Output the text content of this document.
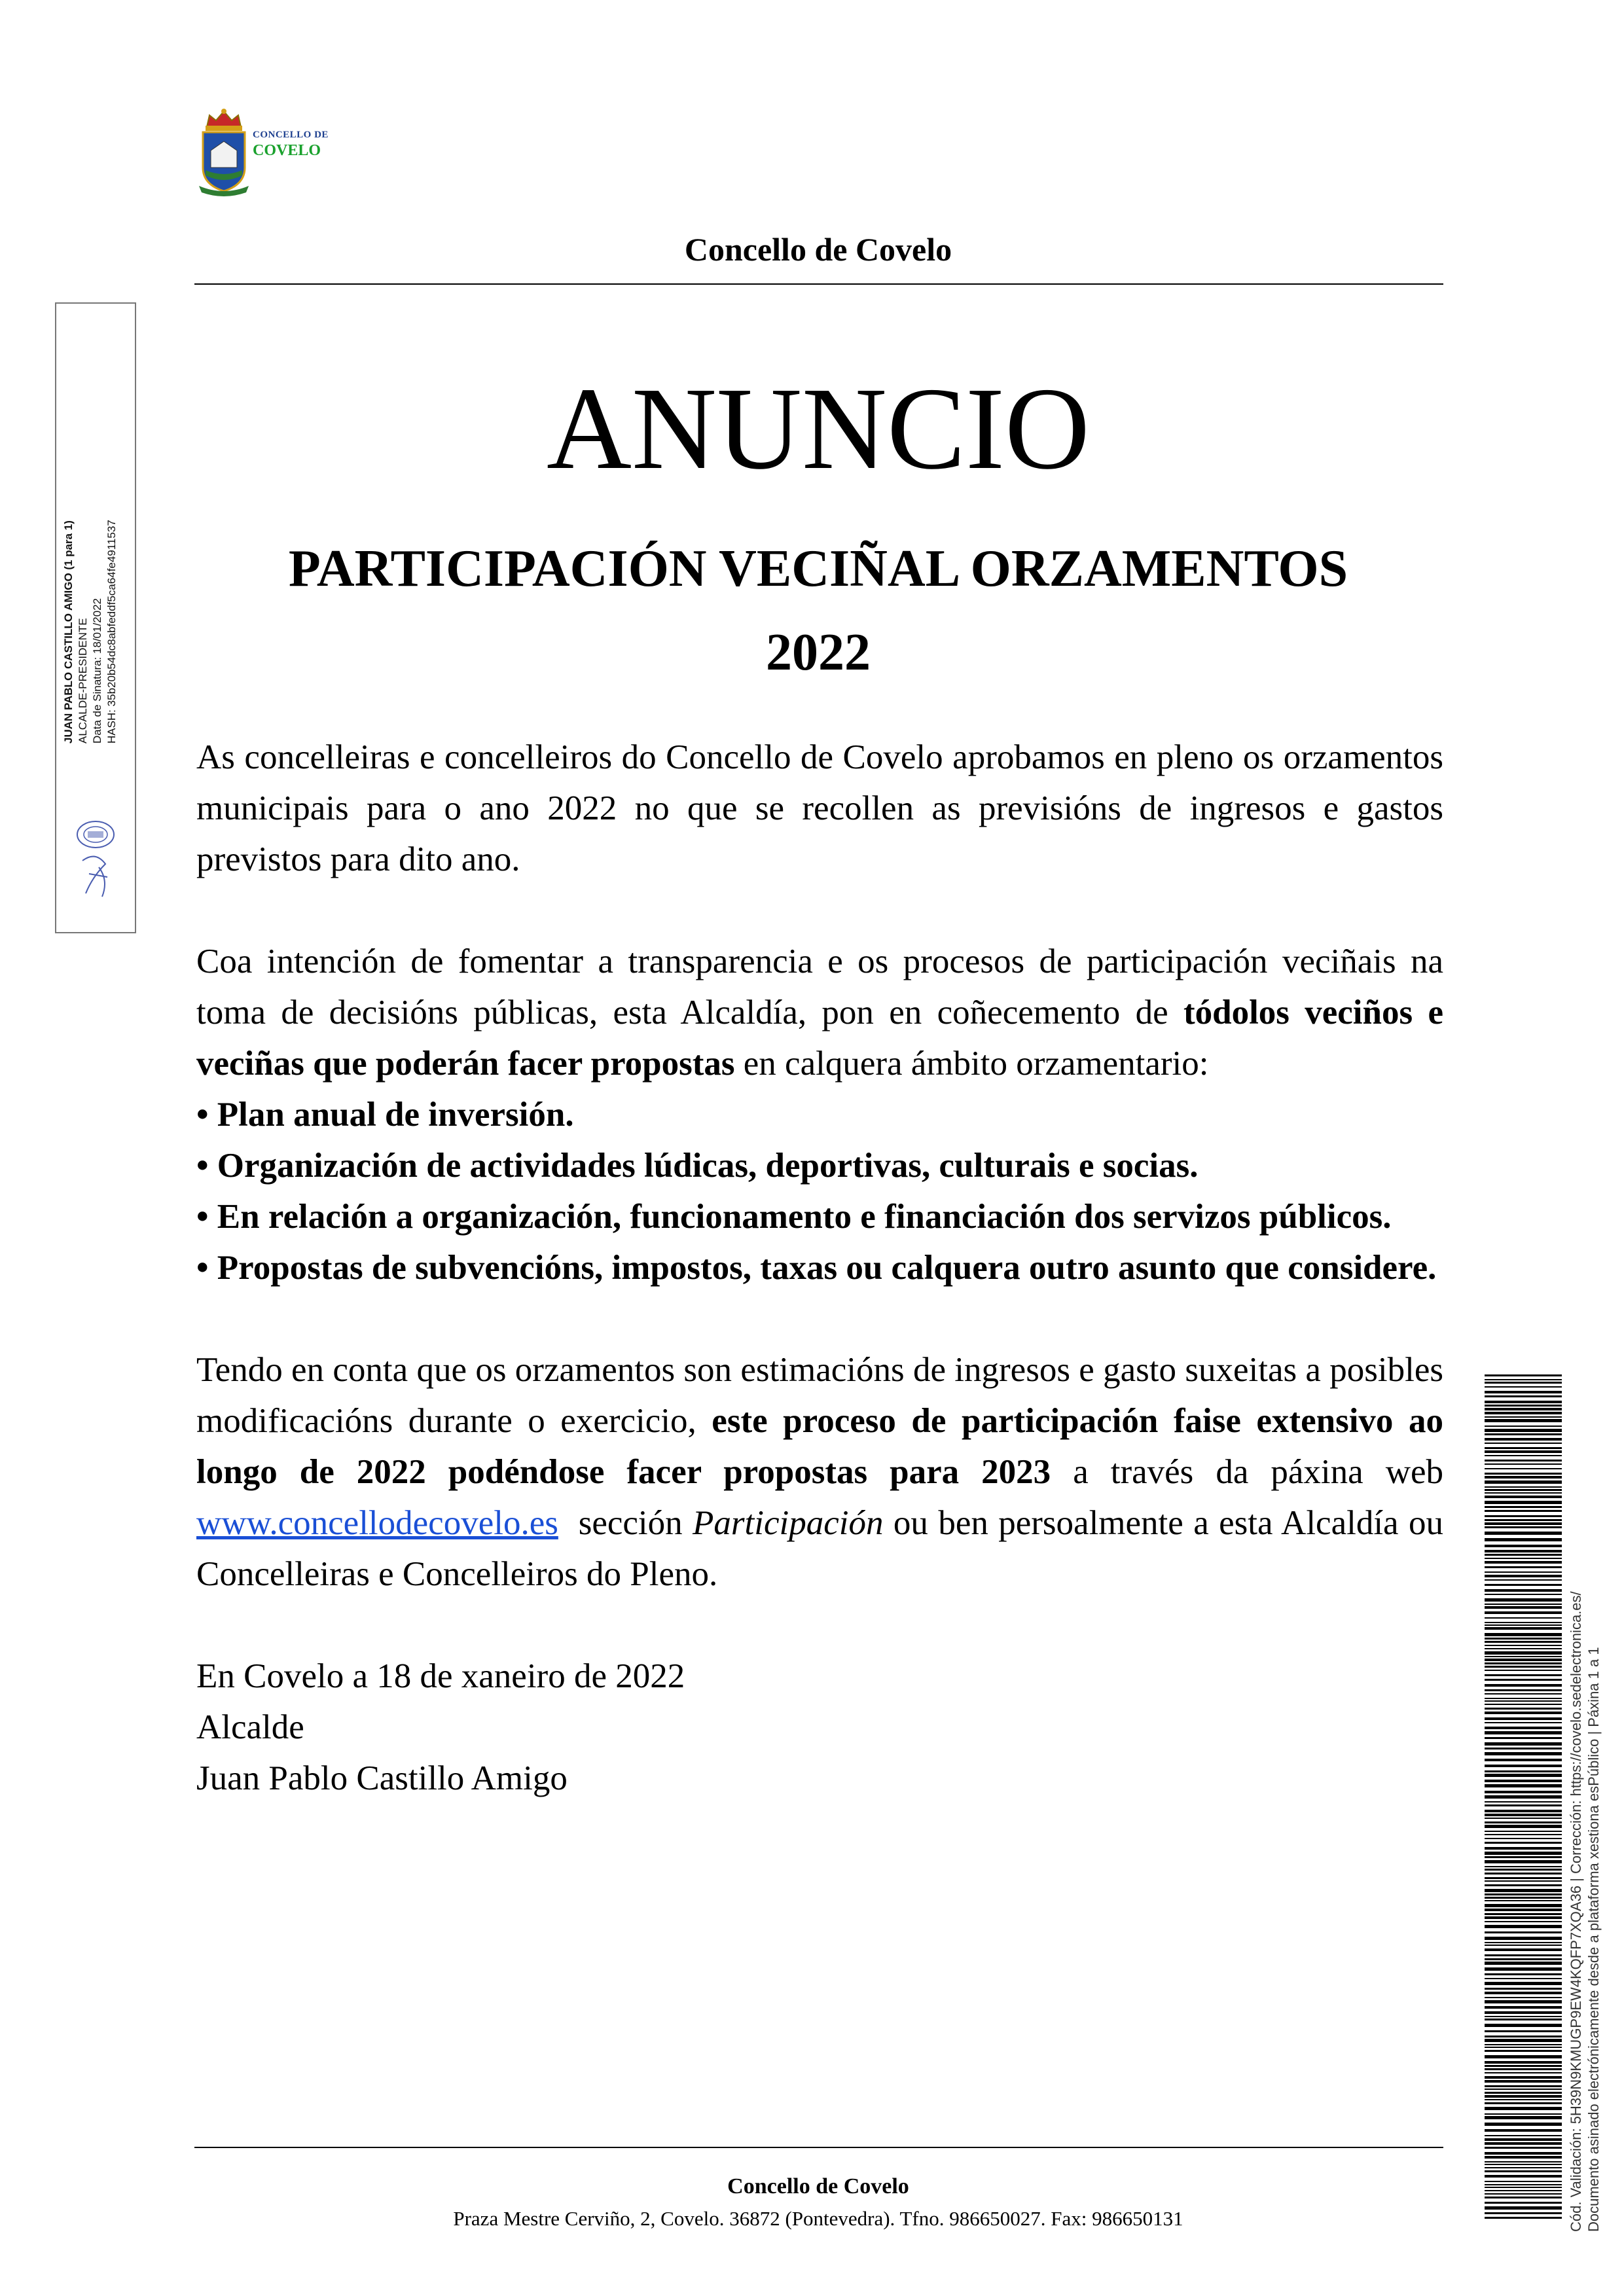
CONCELLO DE
COVELO
Concello de Covelo
ANUNCIO
PARTICIPACIÓN VECIÑAL ORZAMENTOS
2022

As concelleiras e concelleiros do Concello de Covelo aprobamos en pleno os orzamentos municipais para o ano 2022 no que se recollen as previsións de ingresos e gastos previstos para dito ano.

Coa intención de fomentar a transparencia e os procesos de participación veciñais na toma de decisións públicas, esta Alcaldía, pon en coñecemento de tódolos veciños e veciñas que poderán facer propostas en calquera ámbito orzamentario:

• Plan anual de inversión.

• Organización de actividades lúdicas, deportivas, culturais e socias.

• En relación a organización, funcionamento e financiación dos servizos públicos.

• Propostas de subvencións, impostos, taxas ou calquera outro asunto que considere.

Tendo en conta que os orzamentos son estimacións de ingresos e gasto suxeitas a posibles modificacións durante o exercicio, este proceso de participación faise extensivo ao longo de 2022 podéndose facer propostas para 2023 a través da páxina web  www.concellodecovelo.es  sección Participación ou ben persoalmente a esta Alcaldía ou Concelleiras e Concelleiros do Pleno.

En Covelo a 18 de xaneiro de 2022
Alcalde
Juan Pablo Castillo Amigo
Concello de Covelo
Praza Mestre Cerviño, 2, Covelo. 36872 (Pontevedra). Tfno. 986650027. Fax: 986650131
JUAN PABLO CASTILLO AMIGO (1 para 1) ALCALDE-PRESIDENTE Data de Sinatura: 18/01/2022 HASH: 35b20b54dc8abfeddf5ca64fe4911537
Cód. Validación: 5H39N9KMUGP9EW4KQFP7XQA36 | Corrección: https://covelo.sedelectronica.es/ Documento asinado electrónicamente desde a plataforma xestiona esPúblico | Páxina 1 a 1
